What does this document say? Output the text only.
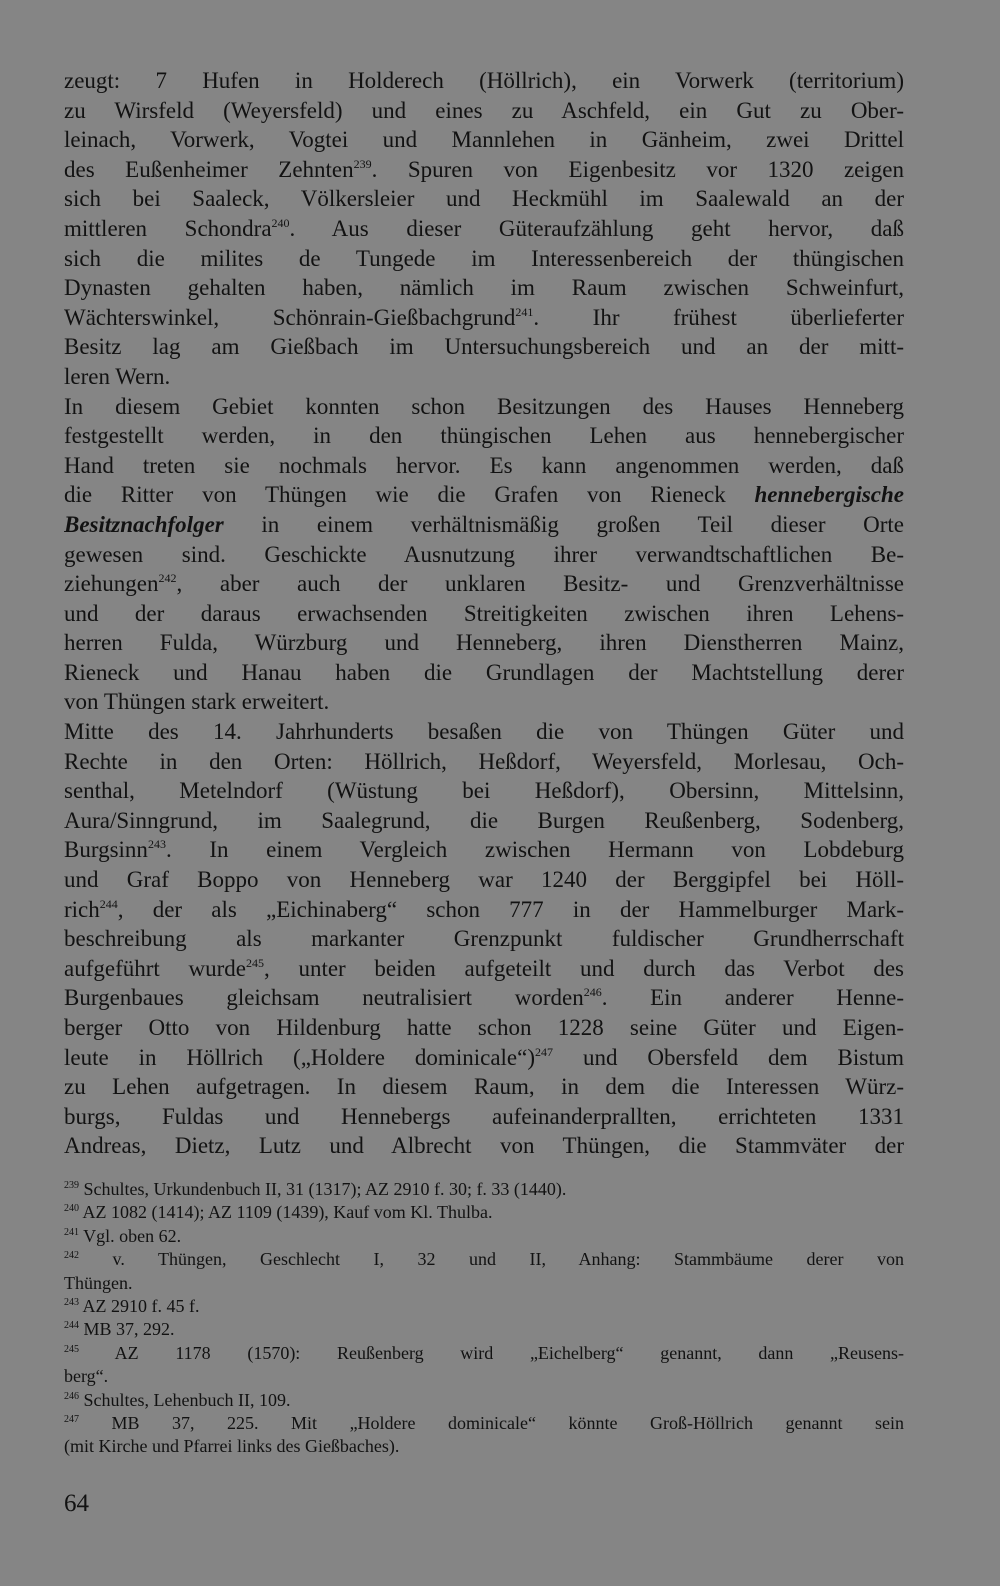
zeugt: 7 Hufen in Holderech (Höllrich), ein Vorwerk (territorium)
zu Wirsfeld (Weyersfeld) und eines zu Aschfeld, ein Gut zu Ober-
leinach, Vorwerk, Vogtei und Mannlehen in Gänheim, zwei Drittel
des Eußenheimer Zehnten$^{239}$. Spuren von Eigenbesitz vor 1320 zeigen
sich bei Saaleck, Völkersleier und Heckmühl im Saalewald an der
mittleren Schondra$^{240}$. Aus dieser Güteraufzählung geht hervor, daß
sich die milites de Tungede im Interessenbereich der thüngischen
Dynasten gehalten haben, nämlich im Raum zwischen Schweinfurt,
Wächterswinkel, Schönrain-Gießbachgrund$^{241}$. Ihr frühest überlieferter
Besitz lag am Gießbach im Untersuchungsbereich und an der mitt-
leren Wern.
In diesem Gebiet konnten schon Besitzungen des Hauses Henneberg
festgestellt werden, in den thüngischen Lehen aus hennebergischer
Hand treten sie nochmals hervor. Es kann angenommen werden, daß
die Ritter von Thüngen wie die Grafen von Rieneck hennebergische
Besitznachfolger in einem verhältnismäßig großen Teil dieser Orte
gewesen sind. Geschickte Ausnutzung ihrer verwandtschaftlichen Be-
ziehungen$^{242}$, aber auch der unklaren Besitz- und Grenzverhältnisse
und der daraus erwachsenden Streitigkeiten zwischen ihren Lehens-
herren Fulda, Würzburg und Henneberg, ihren Dienstherren Mainz,
Rieneck und Hanau haben die Grundlagen der Machtstellung derer
von Thüngen stark erweitert.
Mitte des 14. Jahrhunderts besaßen die von Thüngen Güter und
Rechte in den Orten: Höllrich, Heßdorf, Weyersfeld, Morlesau, Och-
senthal, Metelndorf (Wüstung bei Heßdorf), Obersinn, Mittelsinn,
Aura/Sinngrund, im Saalegrund, die Burgen Reußenberg, Sodenberg,
Burgsinn$^{243}$. In einem Vergleich zwischen Hermann von Lobdeburg
und Graf Boppo von Henneberg war 1240 der Berggipfel bei Höll-
rich$^{244}$, der als „Eichinaberg“ schon 777 in der Hammelburger Mark-
beschreibung als markanter Grenzpunkt fuldischer Grundherrschaft
aufgeführt wurde$^{245}$, unter beiden aufgeteilt und durch das Verbot des
Burgenbaues gleichsam neutralisiert worden$^{246}$. Ein anderer Henne-
berger Otto von Hildenburg hatte schon 1228 seine Güter und Eigen-
leute in Höllrich („Holdere dominicale“)$^{247}$ und Obersfeld dem Bistum
zu Lehen aufgetragen. In diesem Raum, in dem die Interessen Würz-
burgs, Fuldas und Hennebergs aufeinanderprallten, errichteten 1331
Andreas, Dietz, Lutz und Albrecht von Thüngen, die Stammväter der
$^{239}$ Schultes, Urkundenbuch II, 31 (1317); AZ 2910 f. 30; f. 33 (1440).
$^{240}$ AZ 1082 (1414); AZ 1109 (1439), Kauf vom Kl. Thulba.
$^{241}$ Vgl. oben 62.
$^{242}$ v. Thüngen, Geschlecht I, 32 und II, Anhang: Stammbäume derer von
Thüngen.
$^{243}$ AZ 2910 f. 45 f.
$^{244}$ MB 37, 292.
$^{245}$ AZ 1178 (1570): Reußenberg wird „Eichelberg“ genannt, dann „Reusens-
berg“.
$^{246}$ Schultes, Lehenbuch II, 109.
$^{247}$ MB 37, 225. Mit „Holdere dominicale“ könnte Groß-Höllrich genannt sein
(mit Kirche und Pfarrei links des Gießbaches).
64
